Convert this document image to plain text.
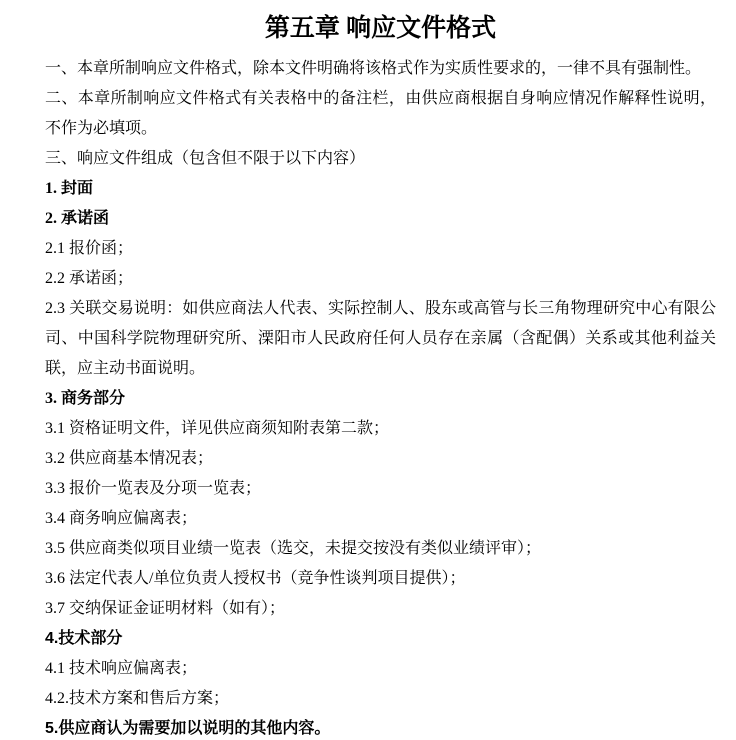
第五章 响应文件格式

一、本章所制响应文件格式，除本文件明确将该格式作为实质性要求的，一律不具有强制性。

二、本章所制响应文件格式有关表格中的备注栏，由供应商根据自身响应情况作解释性说明，不作为必填项。

三、响应文件组成（包含但不限于以下内容）

1. 封面

2. 承诺函

2.1 报价函；

2.2 承诺函；

2.3 关联交易说明：如供应商法人代表、实际控制人、股东或高管与长三角物理研究中心有限公司、中国科学院物理研究所、溧阳市人民政府任何人员存在亲属（含配偶）关系或其他利益关联，应主动书面说明。

3. 商务部分

3.1 资格证明文件，详见供应商须知附表第二款；

3.2 供应商基本情况表；

3.3 报价一览表及分项一览表；

3.4 商务响应偏离表；

3.5 供应商类似项目业绩一览表（选交，未提交按没有类似业绩评审）；

3.6 法定代表人/单位负责人授权书（竞争性谈判项目提供）；

3.7 交纳保证金证明材料（如有）；

4.技术部分

4.1 技术响应偏离表；

4.2.技术方案和售后方案；

5.供应商认为需要加以说明的其他内容。
